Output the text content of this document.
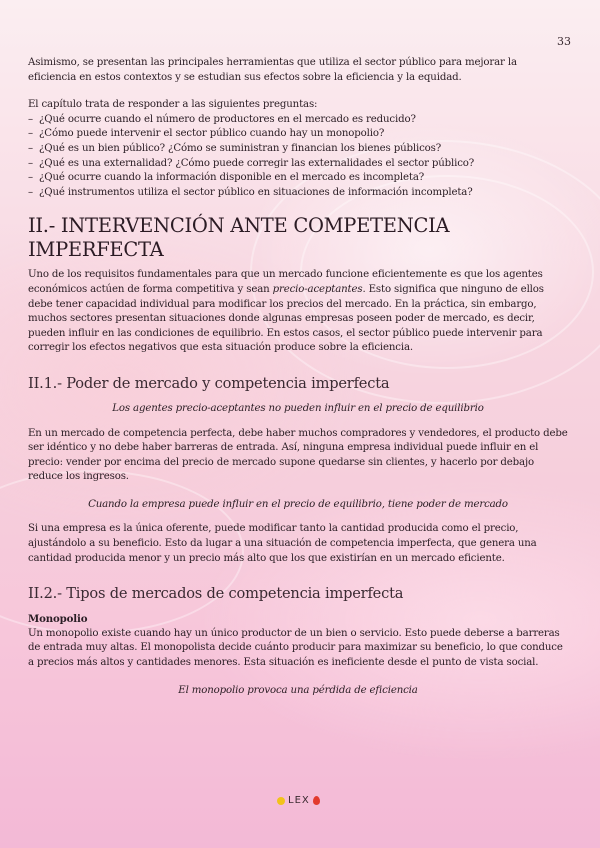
33

Asimismo, se presentan las principales herramientas que utiliza el sector público para mejorar la eficiencia en estos contextos y se estudian sus efectos sobre la eficiencia y la equidad.

El capítulo trata de responder a las siguientes preguntas:

– ¿Qué ocurre cuando el número de productores en el mercado es reducido?
– ¿Cómo puede intervenir el sector público cuando hay un monopolio?
– ¿Qué es un bien público? ¿Cómo se suministran y financian los bienes públicos?
– ¿Qué es una externalidad? ¿Cómo puede corregir las externalidades el sector público?
– ¿Qué ocurre cuando la información disponible en el mercado es incompleta?
– ¿Qué instrumentos utiliza el sector público en situaciones de información incompleta?
II.- INTERVENCIÓN ANTE COMPETENCIA IMPERFECTA

Uno de los requisitos fundamentales para que un mercado funcione eficientemente es que los agentes económicos actúen de forma competitiva y sean precio-aceptantes. Esto significa que ninguno de ellos debe tener capacidad individual para modificar los precios del mercado. En la práctica, sin embargo, muchos sectores presentan situaciones donde algunas empresas poseen poder de mercado, es decir, pueden influir en las condiciones de equilibrio. En estos casos, el sector público puede intervenir para corregir los efectos negativos que esta situación produce sobre la eficiencia.

II.1.- Poder de mercado y competencia imperfecta

Los agentes precio-aceptantes no pueden influir en el precio de equilibrio

En un mercado de competencia perfecta, debe haber muchos compradores y vendedores, el producto debe ser idéntico y no debe haber barreras de entrada. Así, ninguna empresa individual puede influir en el precio: vender por encima del precio de mercado supone quedarse sin clientes, y hacerlo por debajo reduce los ingresos.

Cuando la empresa puede influir en el precio de equilibrio, tiene poder de mercado

Si una empresa es la única oferente, puede modificar tanto la cantidad producida como el precio, ajustándolo a su beneficio. Esto da lugar a una situación de competencia imperfecta, que genera una cantidad producida menor y un precio más alto que los que existirían en un mercado eficiente.

II.2.- Tipos de mercados de competencia imperfecta

Monopolio

Un monopolio existe cuando hay un único productor de un bien o servicio. Esto puede deberse a barreras de entrada muy altas. El monopolista decide cuánto producir para maximizar su beneficio, lo que conduce a precios más altos y cantidades menores. Esta situación es ineficiente desde el punto de vista social.

El monopolio provoca una pérdida de eficiencia

LEX
